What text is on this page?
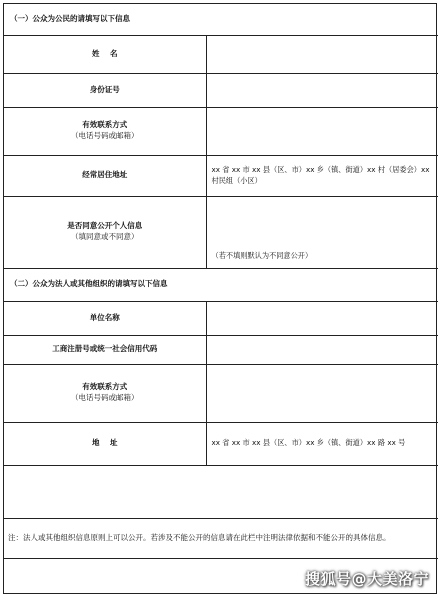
（一）公众为公民的请填写以下信息	
姓    名	
身份证号	
有效联系方式
（电话号码或邮箱）	

经常居住地址	xx 省 xx 市 xx 县（区、市）xx 乡（镇、街道）xx 村（居委会）xx 村民组（小区）
是否同意公开个人信息
（填同意或不同意）	（若不填则默认为不同意公开）
（二）公众为法人或其他组织的请填写以下信息	
单位名称	
工商注册号或统一社会信用代码	
有效联系方式
（电话号码或邮箱）	

地    址	xx 省 xx 市 xx 县（区、市）xx 乡（镇、街道）xx 路 xx 号

注：法人或其他组织信息原则上可以公开。若涉及不能公开的信息请在此栏中注明法律依据和不能公开的具体信息。	
搜狐号@大美洛宁
